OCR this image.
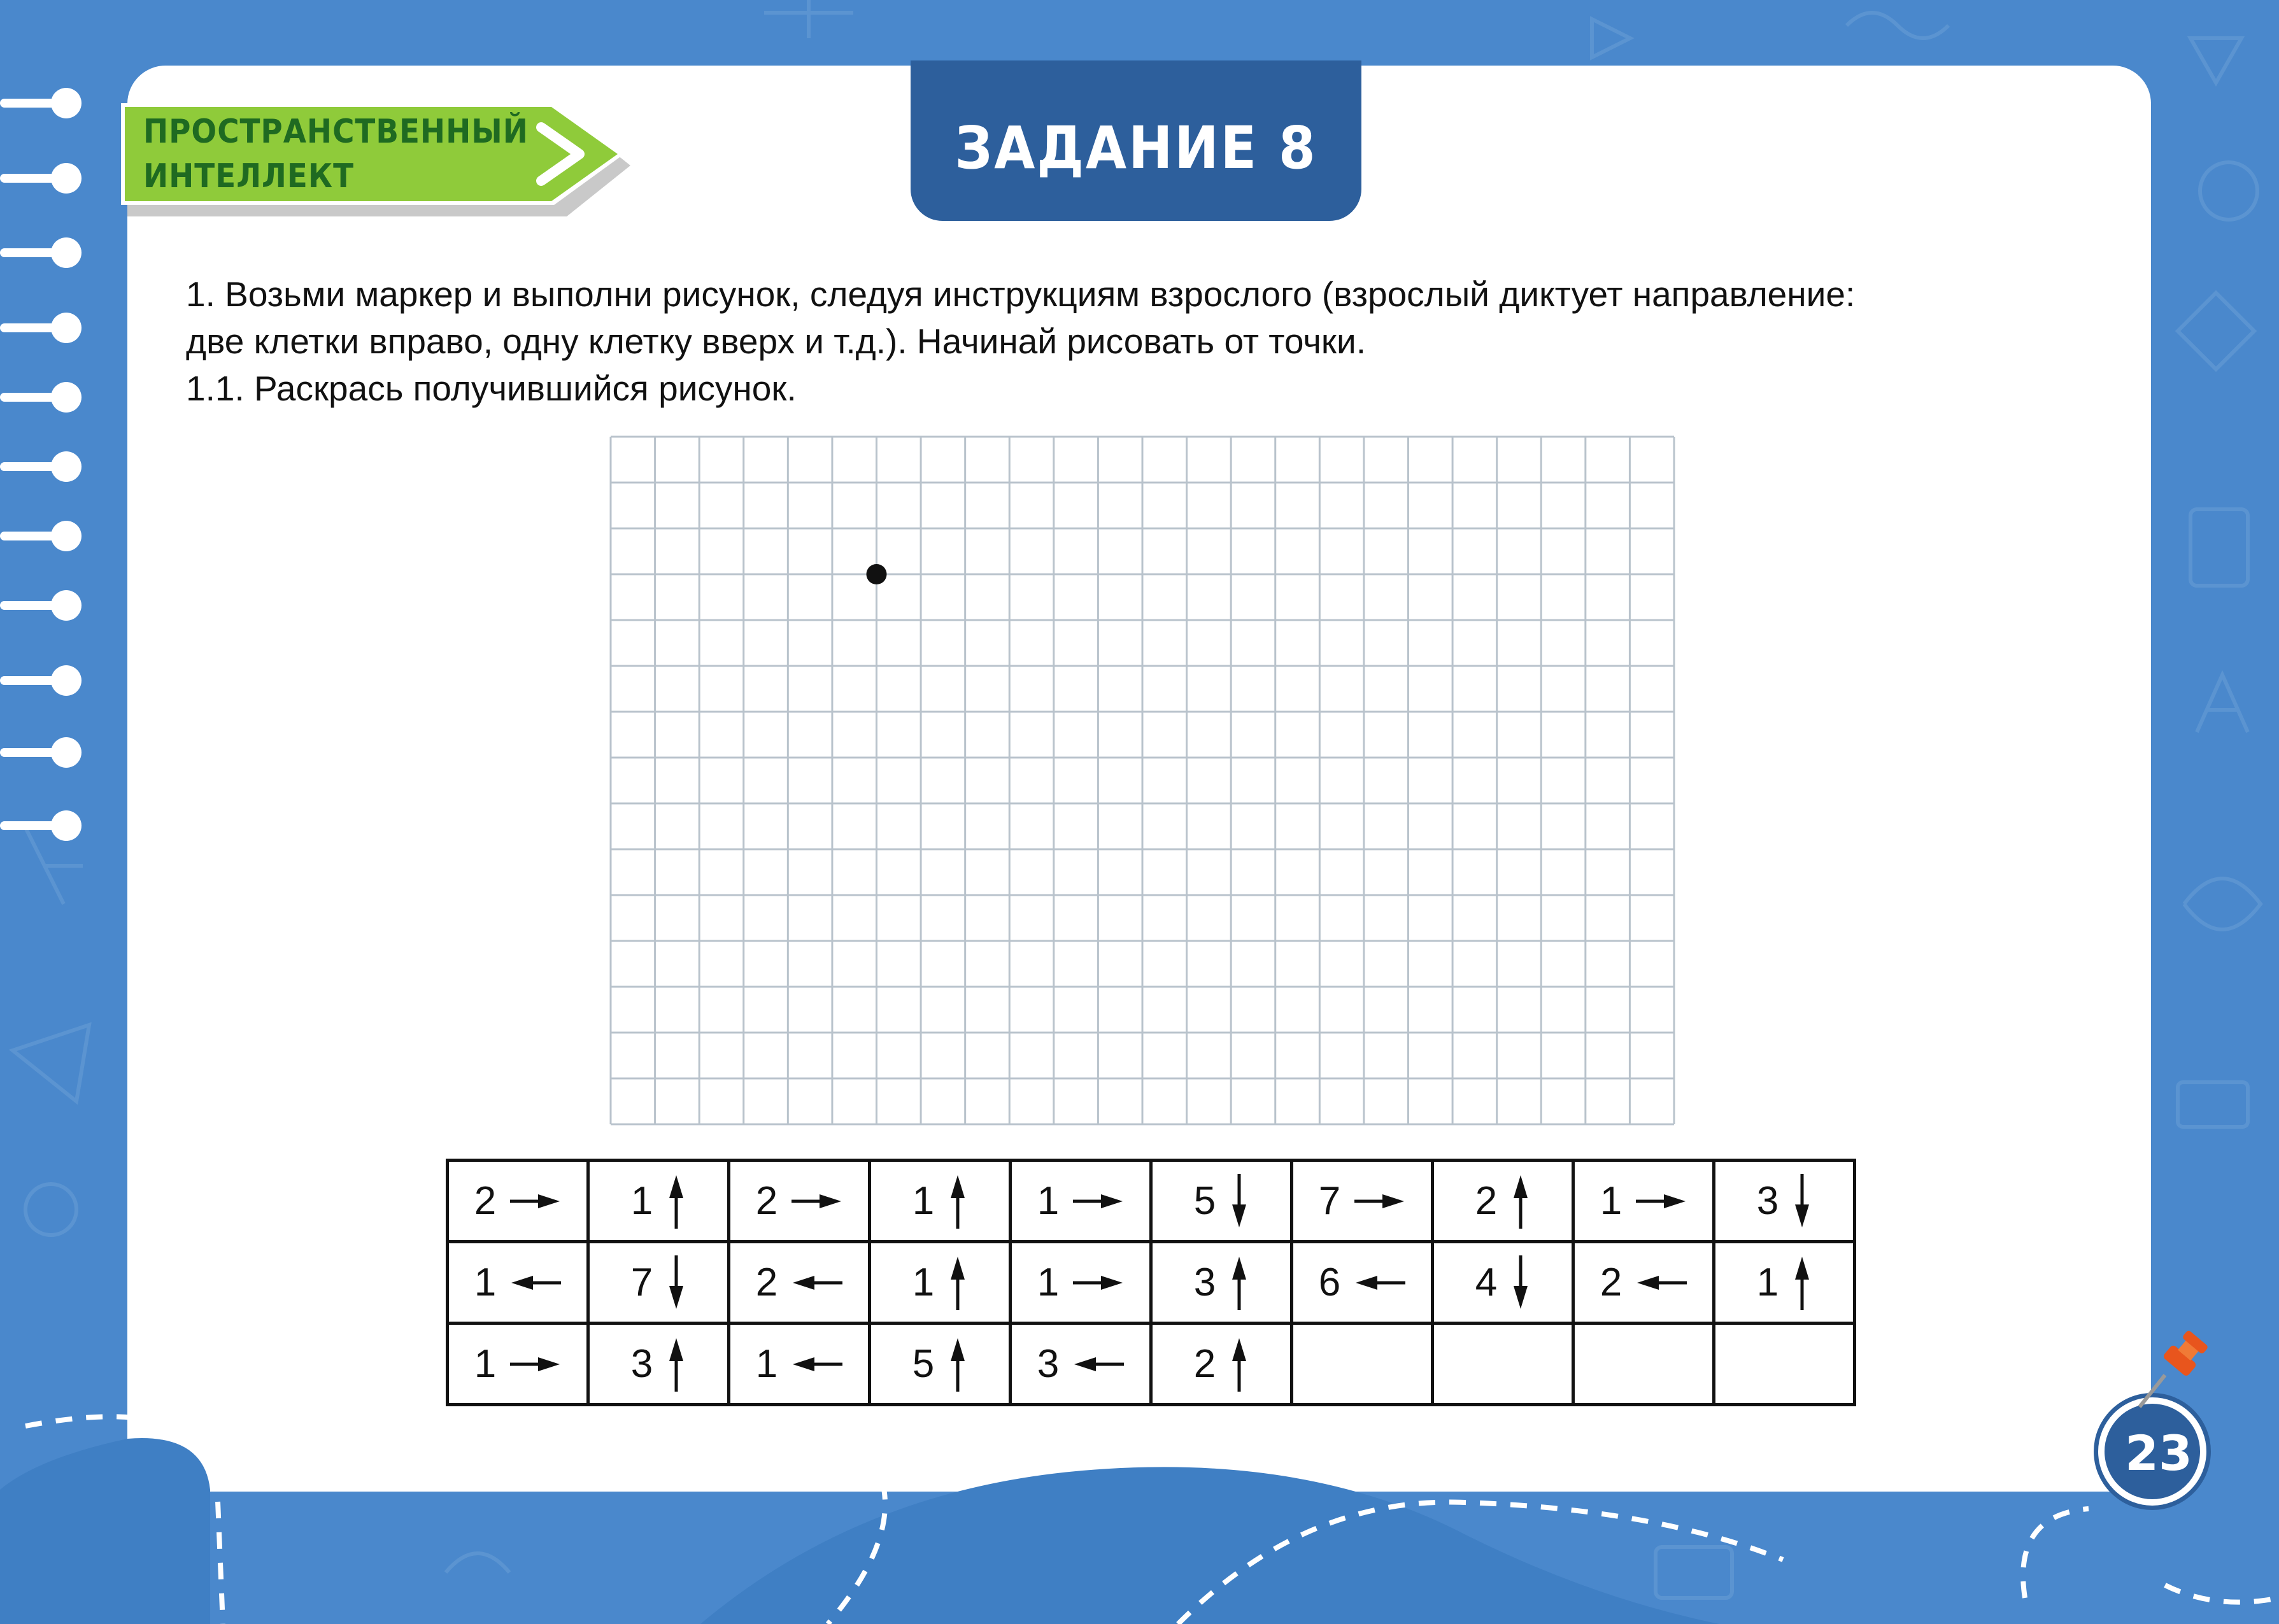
ПРОСТРАНСТВЕННЫЙ
ИНТЕЛЛЕКТ	ЗАДАНИЕ 8

1. Возьми маркер и выполни рисунок, следуя инструкциям взрослого (взрослый диктует направление:

две клетки вправо, одну клетку вверх и т.д.). Начинай рисовать от точки.

1.1. Раскрась получившийся рисунок.

2	1	2	1	1	5	7	2	1	3

1	7	2	1	1	3	6	4	2	1

1	3	1	5	3	2				

23
